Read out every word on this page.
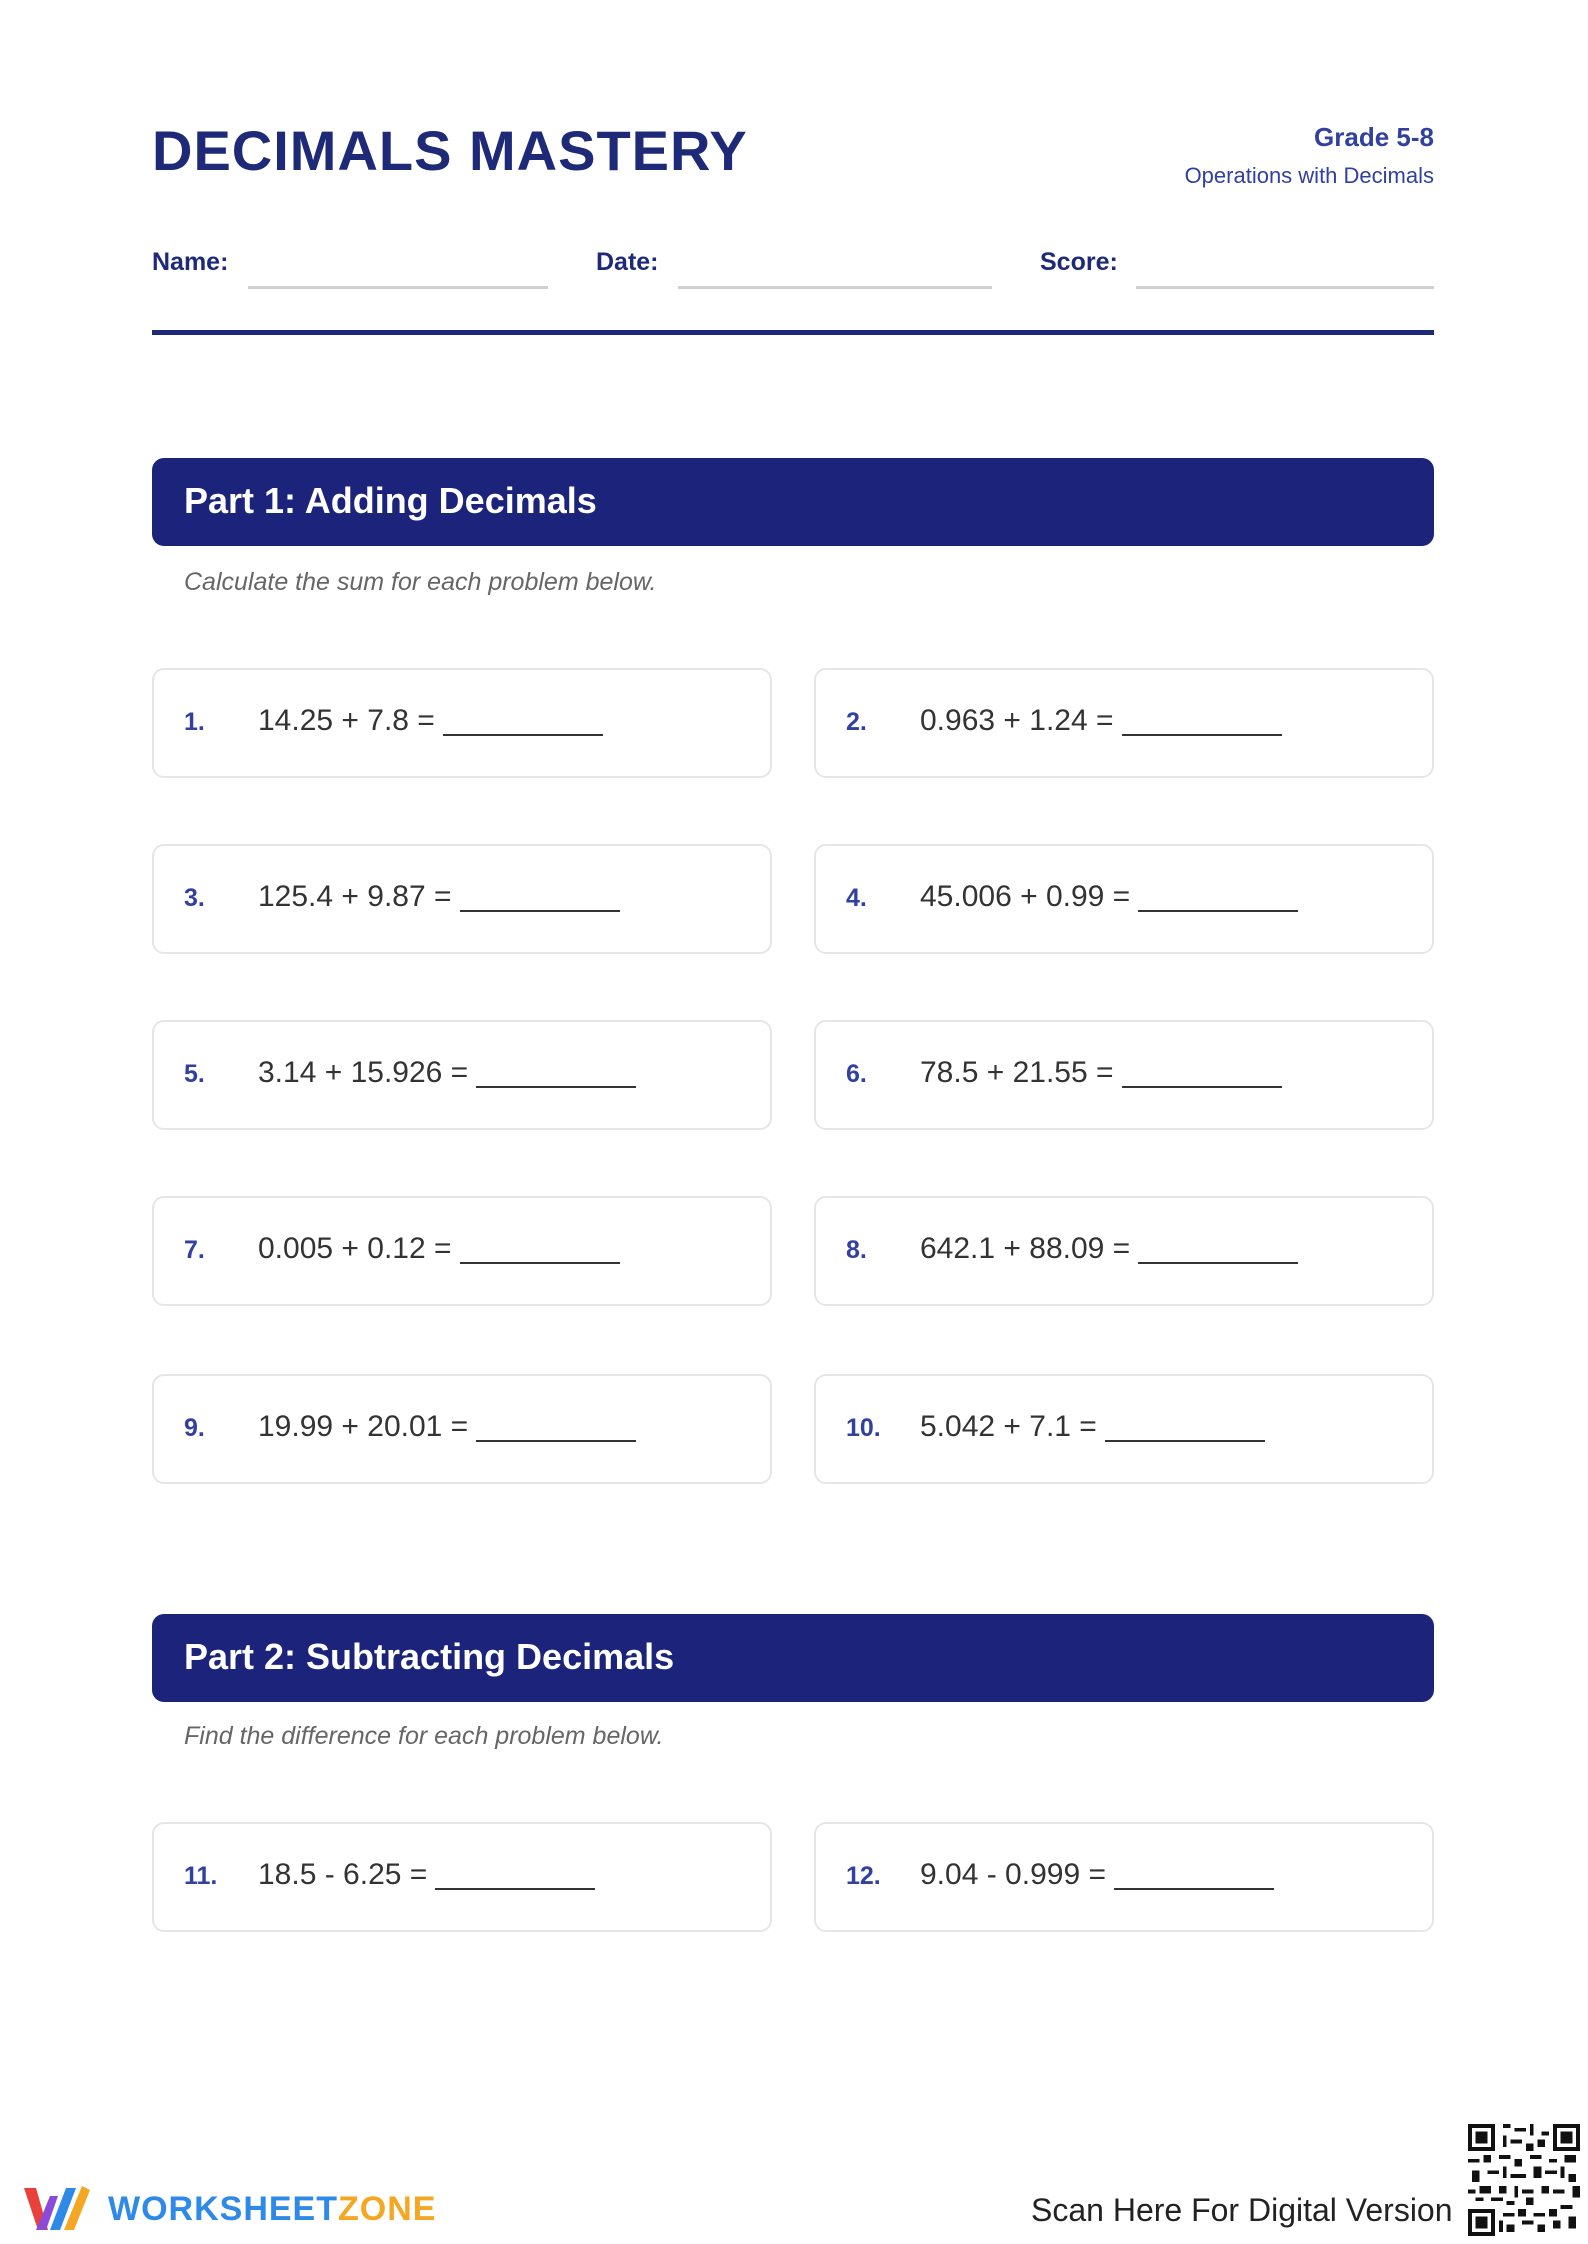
DECIMALS MASTERY	Grade 5-8
Operations with Decimals
Name:	Date:	Score:
Part 1: Adding Decimals
Calculate the sum for each problem below.
1. 14.25 + 7.8 =	2. 0.963 + 1.24 =
3. 125.4 + 9.87 =	4. 45.006 + 0.99 =
5. 3.14 + 15.926 =	6. 78.5 + 21.55 =
7. 0.005 + 0.12 =	8. 642.1 + 88.09 =
9. 19.99 + 20.01 =	10. 5.042 + 7.1 =
Part 2: Subtracting Decimals
Find the difference for each problem below.
11. 18.5 - 6.25 =	12. 9.04 - 0.999 =
WORKSHEETZONE	Scan Here For Digital Version
